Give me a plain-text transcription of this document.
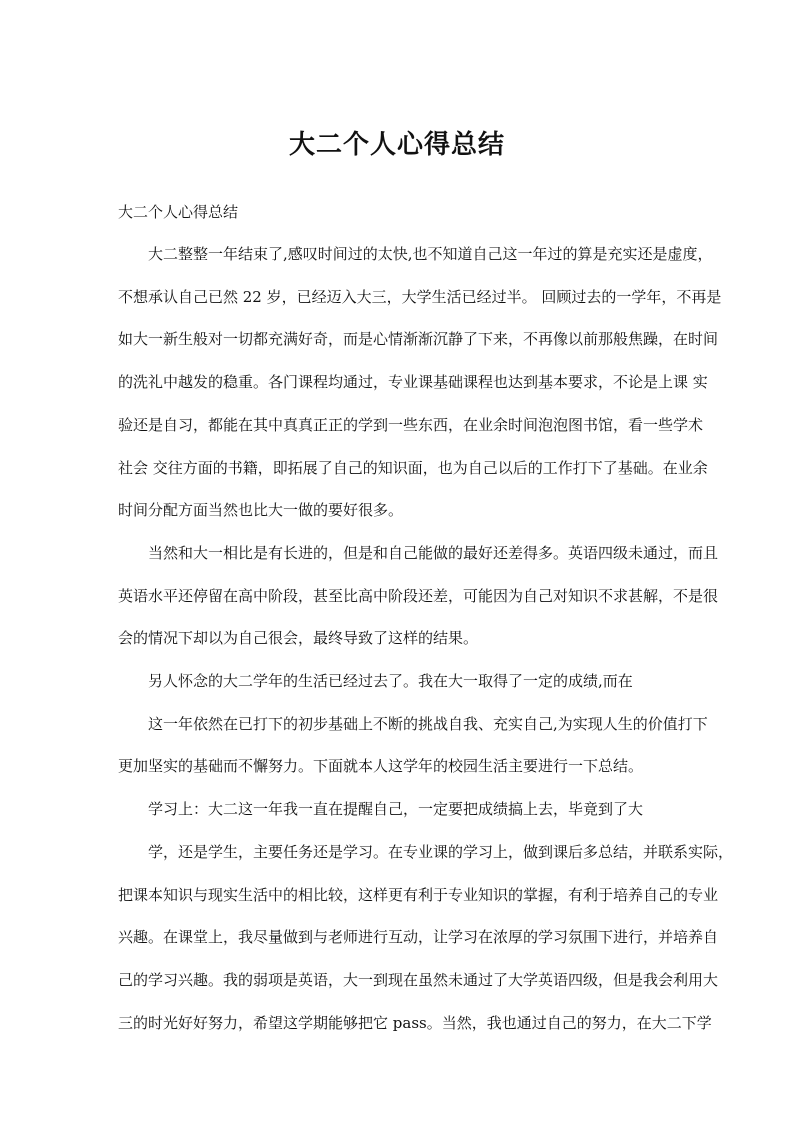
大二个人心得总结

大二个人心得总结

大二整整一年结束了,感叹时间过的太快,也不知道自己这一年过的算是充实还是虚度，

不想承认自己已然 22 岁，已经迈入大三，大学生活已经过半。 回顾过去的一学年，不再是

如大一新生般对一切都充满好奇，而是心情渐渐沉静了下来，不再像以前那般焦躁，在时间

的洗礼中越发的稳重。各门课程均通过，专业课基础课程也达到基本要求，不论是上课 实

验还是自习，都能在其中真真正正的学到一些东西，在业余时间泡泡图书馆，看一些学术

社会 交往方面的书籍，即拓展了自己的知识面，也为自己以后的工作打下了基础。在业余

时间分配方面当然也比大一做的要好很多。

当然和大一相比是有长进的，但是和自己能做的最好还差得多。英语四级未通过，而且

英语水平还停留在高中阶段，甚至比高中阶段还差，可能因为自己对知识不求甚解，不是很

会的情况下却以为自己很会，最终导致了这样的结果。

另人怀念的大二学年的生活已经过去了。我在大一取得了一定的成绩,而在

这一年依然在已打下的初步基础上不断的挑战自我、充实自己,为实现人生的价值打下

更加坚实的基础而不懈努力。下面就本人这学年的校园生活主要进行一下总结。

学习上：大二这一年我一直在提醒自己，一定要把成绩搞上去，毕竟到了大

学，还是学生，主要任务还是学习。在专业课的学习上，做到课后多总结，并联系实际，

把课本知识与现实生活中的相比较，这样更有利于专业知识的掌握，有利于培养自己的专业

兴趣。在课堂上，我尽量做到与老师进行互动，让学习在浓厚的学习氛围下进行，并培养自

己的学习兴趣。我的弱项是英语，大一到现在虽然未通过了大学英语四级，但是我会利用大

三的时光好好努力，希望这学期能够把它 pass。当然，我也通过自己的努力，在大二下学
